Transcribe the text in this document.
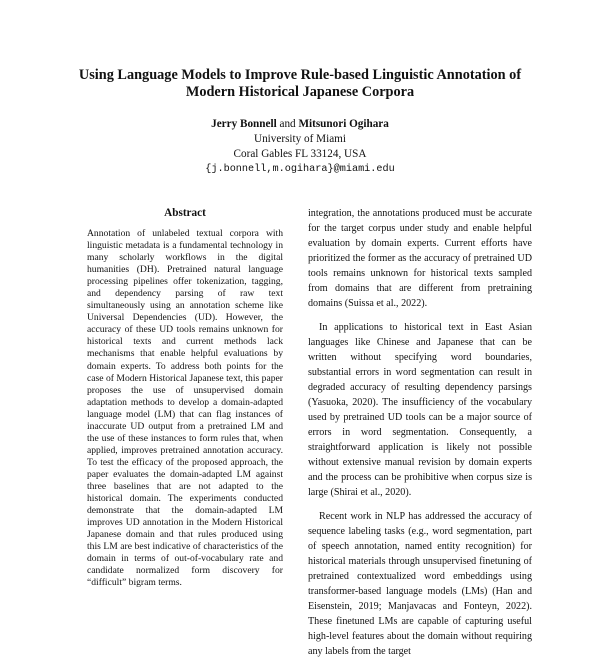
Using Language Models to Improve Rule-based Linguistic Annotation of
Modern Historical Japanese Corpora
Jerry Bonnell and Mitsunori Ogihara
University of Miami
Coral Gables FL 33124, USA
{j.bonnell,m.ogihara}@miami.edu
Abstract
Annotation of unlabeled textual corpora with linguistic metadata is a fundamental technology in many scholarly workflows in the digital humanities (DH). Pretrained natural language processing pipelines offer tokenization, tagging, and dependency parsing of raw text simultaneously using an annotation scheme like Universal Dependencies (UD). However, the accuracy of these UD tools remains unknown for historical texts and current methods lack mechanisms that enable helpful evaluations by domain experts. To address both points for the case of Modern Historical Japanese text, this paper proposes the use of unsupervised domain adaptation methods to develop a domain-adapted language model (LM) that can flag instances of inaccurate UD output from a pretrained LM and the use of these instances to form rules that, when applied, improves pretrained annotation accuracy. To test the efficacy of the proposed approach, the paper evaluates the domain-adapted LM against three baselines that are not adapted to the historical domain. The experiments conducted demonstrate that the domain-adapted LM improves UD annotation in the Modern Historical Japanese domain and that rules produced using this LM are best indicative of characteristics of the domain in terms of out-of-vocabulary rate and candidate normalized form discovery for “difficult” bigram terms.

integration, the annotations produced must be accurate for the target corpus under study and enable helpful evaluation by domain experts. Current efforts have prioritized the former as the accuracy of pretrained UD tools remains unknown for historical texts sampled from domains that are different from pretraining domains (Suissa et al., 2022).

In applications to historical text in East Asian languages like Chinese and Japanese that can be written without specifying word boundaries, substantial errors in word segmentation can result in degraded accuracy of resulting dependency parsings (Yasuoka, 2020). The insufficiency of the vocabulary used by pretrained UD tools can be a major source of errors in word segmentation. Consequently, a straightforward application is likely not possible without extensive manual revision by domain experts and the process can be prohibitive when corpus size is large (Shirai et al., 2020).

Recent work in NLP has addressed the accuracy of sequence labeling tasks (e.g., word segmentation, part of speech annotation, named entity recognition) for historical materials through unsupervised finetuning of pretrained contextualized word embeddings using transformer-based language models (LMs) (Han and Eisenstein, 2019; Manjavacas and Fonteyn, 2022). These finetuned LMs are capable of capturing useful high-level features about the domain without requiring any labels from the target
